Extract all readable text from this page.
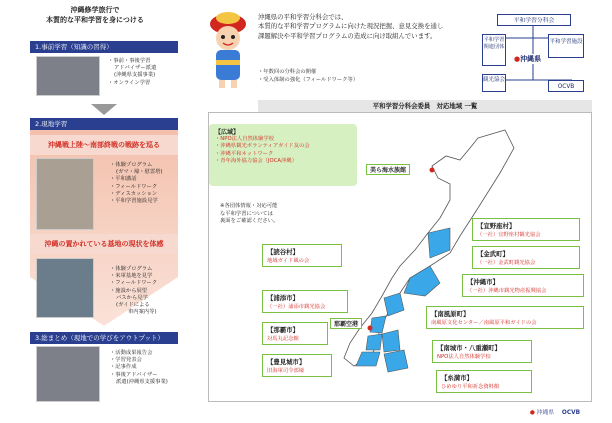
沖縄修学旅行で
本質的な平和学習を身につける
1.事前学習（知識の習得）
・事前・事後学習
アドバイザー派遣
(沖縄県支援事業)
・オンライン学習
2.現地学習
沖縄戦上陸～南部終戦の戦跡を巡る
・体験プログラム
(ガマ・壕・慰霊塔)
・平和講話
・フィールドワーク
・ディスカッション
・平和学習施設見学
沖縄の置かれている基地の現状を体感
・体験プログラム
・米軍基地を見学
・フィールドワーク
・施設から展望
バスから見学
(ガイドによる
車内案内等)
3.総まとめ（現地での学びをアウトプット）
・活動成果報告会
・学習発表会
・記事作成
・事後アドバイザー
派遣(沖縄県支援事業)
沖縄県の平和学習分科会では、
本質的な平和学習プログラムに向けた現況把握、意見交換を通し
課題解決や平和学習プログラムの造成に向け取組んでいます。
・年数回の分科会の開催
・受入体制の強化（フィールドワーク等）
平和学習分科会
平和学習関連団体
平和学習施設
●沖縄県
観光協会
OCVB
平和学習分科会委員　対応地域 一覧
美ら海水族館
那覇空港
【広域】
・NPO法人自然体験学校
・沖縄県観光ボランティアガイド友の会
・沖縄平和ネットワーク
・青年海外協力協会（JOCA沖縄）
※各団体情報・対応可能
な平和学習については
裏面をご確認ください。
【宜野座村】
（一社）宜野座村観光協会
【金武町】
（一社）金武町観光協会
【沖縄市】
（一社）沖縄市観光物産振興協会
【南風原町】
南風原文化センター／南風原平和ガイドの会
【南城市・八重瀬町】
NPO法人自然体験学校
【糸満市】
ひめゆり平和祈念資料館
【読谷村】
地域ガイド風の会
【浦添市】
（一社）浦添市観光協会
【那覇市】
対馬丸記念館
【豊見城市】
旧海軍司令部壕
● 沖縄県 OCVB
